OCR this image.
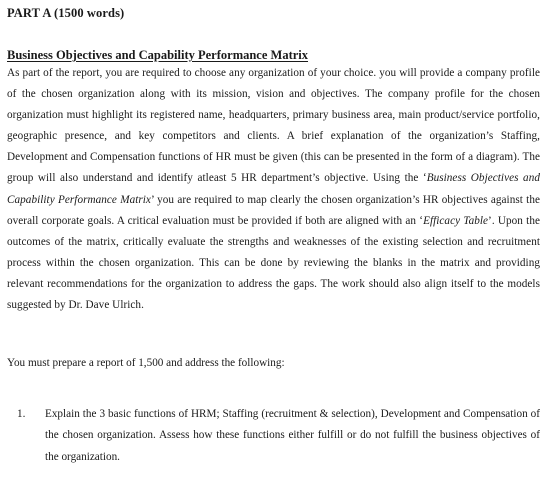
PART A (1500 words)
Business Objectives and Capability Performance Matrix

As part of the report, you are required to choose any organization of your choice. you will provide a company profile of the chosen organization along with its mission, vision and objectives. The company profile for the chosen organization must highlight its registered name, headquarters, primary business area, main product/service portfolio, geographic presence, and key competitors and clients. A brief explanation of the organization’s Staffing, Development and Compensation functions of HR must be given (this can be presented in the form of a diagram). The group will also understand and identify atleast 5 HR department’s objective. Using the ‘Business Objectives and Capability Performance Matrix’ you are required to map clearly the chosen organization’s HR objectives against the overall corporate goals. A critical evaluation must be provided if both are aligned with an ‘Efficacy Table’. Upon the outcomes of the matrix, critically evaluate the strengths and weaknesses of the existing selection and recruitment process within the chosen organization. This can be done by reviewing the blanks in the matrix and providing relevant recommendations for the organization to address the gaps. The work should also align itself to the models suggested by Dr. Dave Ulrich.

You must prepare a report of 1,500 and address the following:
1.	Explain the 3 basic functions of HRM; Staffing (recruitment & selection), Development and Compensation of the chosen organization. Assess how these functions either fulfill or do not fulfill the business objectives of the organization.
